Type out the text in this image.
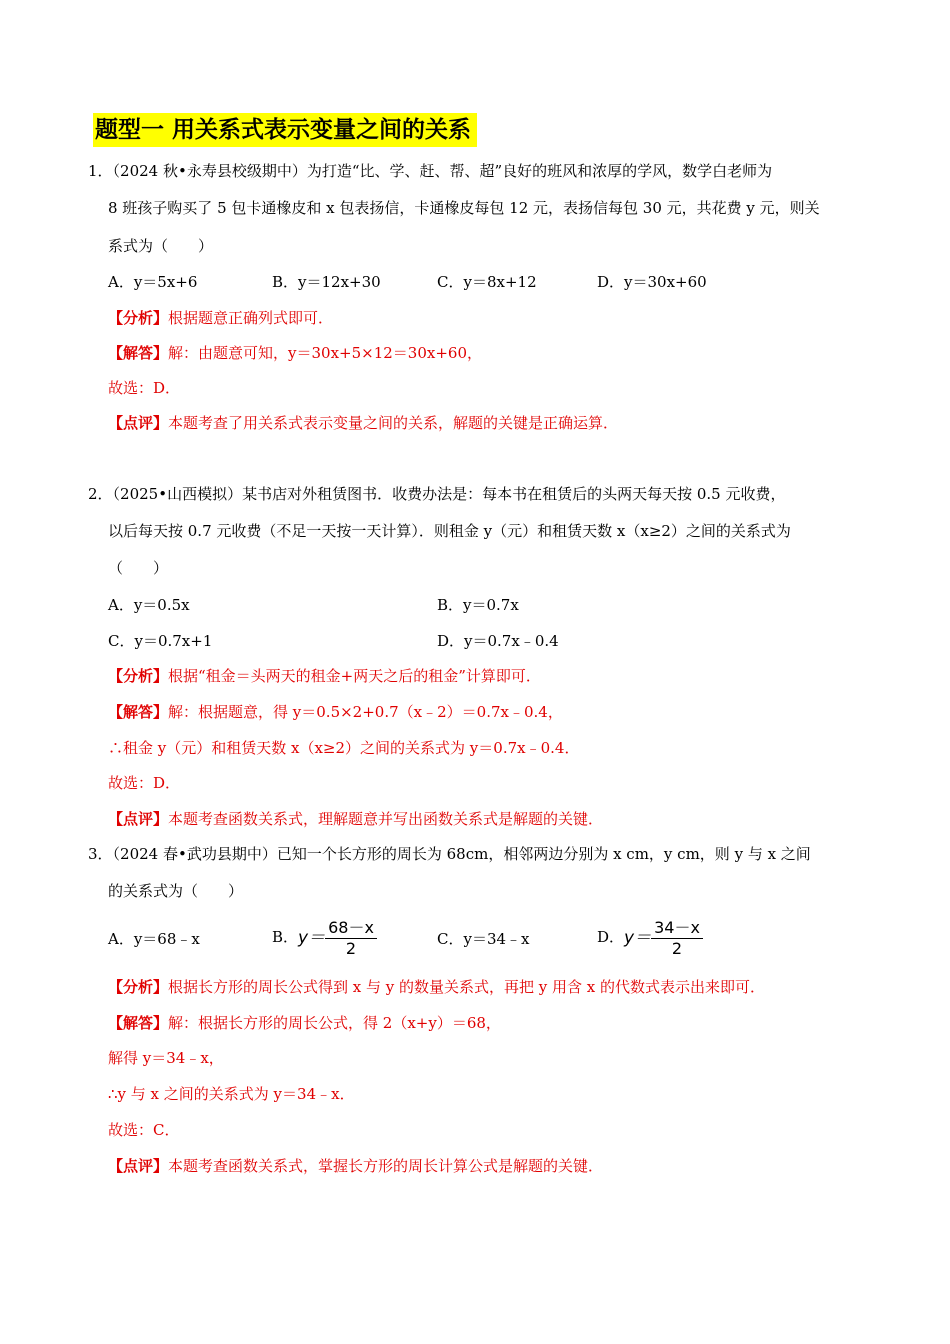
题型一 用关系式表示变量之间的关系
1．（2024 秋•永寿县校级期中）为打造“比、学、赶、帮、超”良好的班风和浓厚的学风，数学白老师为
8 班孩子购买了 5 包卡通橡皮和 x 包表扬信，卡通橡皮每包 12 元，表扬信每包 30 元，共花费 y 元，则关
系式为（　　）
A．y＝5x+6	B．y＝12x+30	C．y＝8x+12	D．y＝30x+60
【分析】根据题意正确列式即可．
【解答】解：由题意可知，y＝30x+5×12＝30x+60，
故选：D．
【点评】本题考查了用关系式表示变量之间的关系，解题的关键是正确运算．
2．（2025•山西模拟）某书店对外租赁图书．收费办法是：每本书在租赁后的头两天每天按 0.5 元收费，
以后每天按 0.7 元收费（不足一天按一天计算）．则租金 y（元）和租赁天数 x（x≥2）之间的关系式为
（　　）
A．y＝0.5x	B．y＝0.7x
C．y＝0.7x+1	D．y＝0.7x﹣0.4
【分析】根据“租金＝头两天的租金+两天之后的租金”计算即可．
【解答】解：根据题意，得 y＝0.5×2+0.7（x﹣2）＝0.7x﹣0.4，
∴租金 y（元）和租赁天数 x（x≥2）之间的关系式为 y＝0.7x﹣0.4．
故选：D．
【点评】本题考查函数关系式，理解题意并写出函数关系式是解题的关键．
3．（2024 春•武功县期中）已知一个长方形的周长为 68cm，相邻两边分别为 x cm，y cm，则 y 与 x 之间
的关系式为（　　）
A．y＝68﹣x	B．$y= \frac{68-x}{2}$	C．y＝34﹣x	D．$y= \frac{34-x}{2}$
【分析】根据长方形的周长公式得到 x 与 y 的数量关系式，再把 y 用含 x 的代数式表示出来即可．
【解答】解：根据长方形的周长公式，得 2（x+y）＝68，
解得 y＝34﹣x，
∴y 与 x 之间的关系式为 y＝34﹣x．
故选：C．
【点评】本题考查函数关系式，掌握长方形的周长计算公式是解题的关键．
